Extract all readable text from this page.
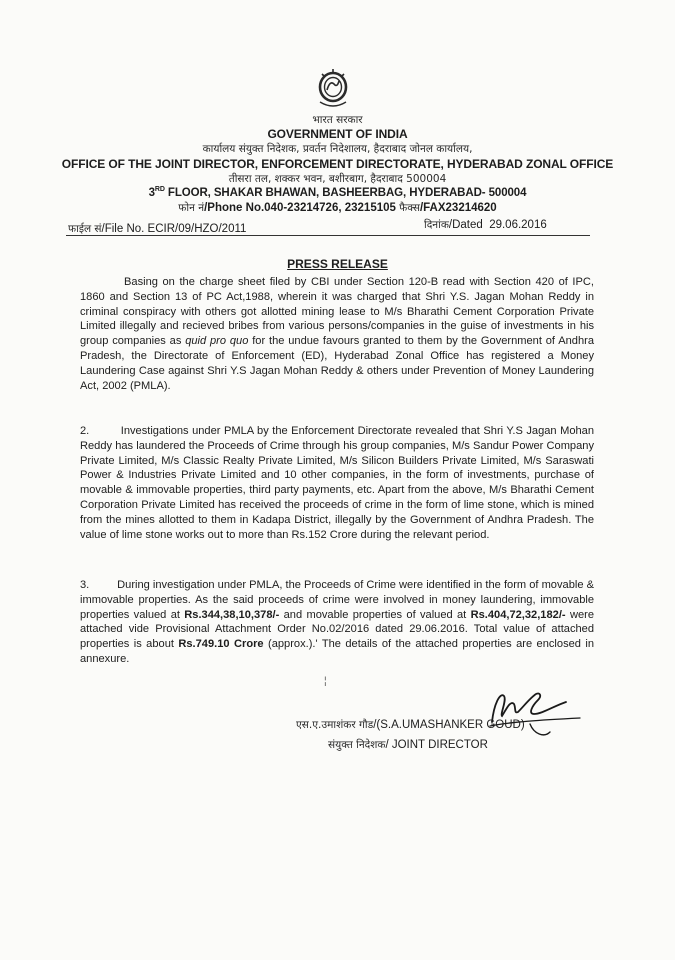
भारत सरकार
GOVERNMENT OF INDIA
कार्यालय संयुक्त निदेशक, प्रवर्तन निदेशालय, हैदराबाद जोनल कार्यालय,
OFFICE OF THE JOINT DIRECTOR, ENFORCEMENT DIRECTORATE, HYDERABAD ZONAL OFFICE
तीसरा तल, शक्कर भवन, बशीरबाग, हैदराबाद 500004
3RD FLOOR, SHAKAR BHAWAN, BASHEERBAG, HYDERABAD- 500004
फोन नं/Phone No.040-23214726, 23215105 फैक्स/FAX23214620
फाईल सं/File No. ECIR/09/HZO/2011	दिनांक/Dated 29.06.2016
PRESS RELEASE

Basing on the charge sheet filed by CBI under Section 120-B read with Section 420 of IPC, 1860 and Section 13 of PC Act,1988, wherein it was charged that Shri Y.S. Jagan Mohan Reddy in criminal conspiracy with others got allotted mining lease to M/s Bharathi Cement Corporation Private Limited illegally and recieved bribes from various persons/companies in the guise of investments in his group companies as quid pro quo for the undue favours granted to them by the Government of Andhra Pradesh, the Directorate of Enforcement (ED), Hyderabad Zonal Office has registered a Money Laundering Case against Shri Y.S Jagan Mohan Reddy & others under Prevention of Money Laundering Act, 2002 (PMLA).

2.	Investigations under PMLA by the Enforcement Directorate revealed that Shri Y.S Jagan Mohan Reddy has laundered the Proceeds of Crime through his group companies, M/s Sandur Power Company Private Limited, M/s Classic Realty Private Limited, M/s Silicon Builders Private Limited, M/s Saraswati Power & Industries Private Limited and 10 other companies, in the form of investments, purchase of movable & immovable properties, third party payments, etc. Apart from the above, M/s Bharathi Cement Corporation Private Limited has received the proceeds of crime in the form of lime stone, which is mined from the mines allotted to them in Kadapa District, illegally by the Government of Andhra Pradesh. The value of lime stone works out to more than Rs.152 Crore during the relevant period.

3.	During investigation under PMLA, the Proceeds of Crime were identified in the form of movable & immovable properties. As the said proceeds of crime were involved in money laundering, immovable properties valued at Rs.344,38,10,378/- and movable properties of valued at Rs.404,72,32,182/- were attached vide Provisional Attachment Order No.02/2016 dated 29.06.2016. Total value of attached properties is about Rs.749.10 Crore (approx.).' The details of the attached properties are enclosed in annexure.

¦
एस.ए.उमाशंकर गौड/(S.A.UMASHANKER GOUD)
संयुक्त निदेशक/ JOINT DIRECTOR
